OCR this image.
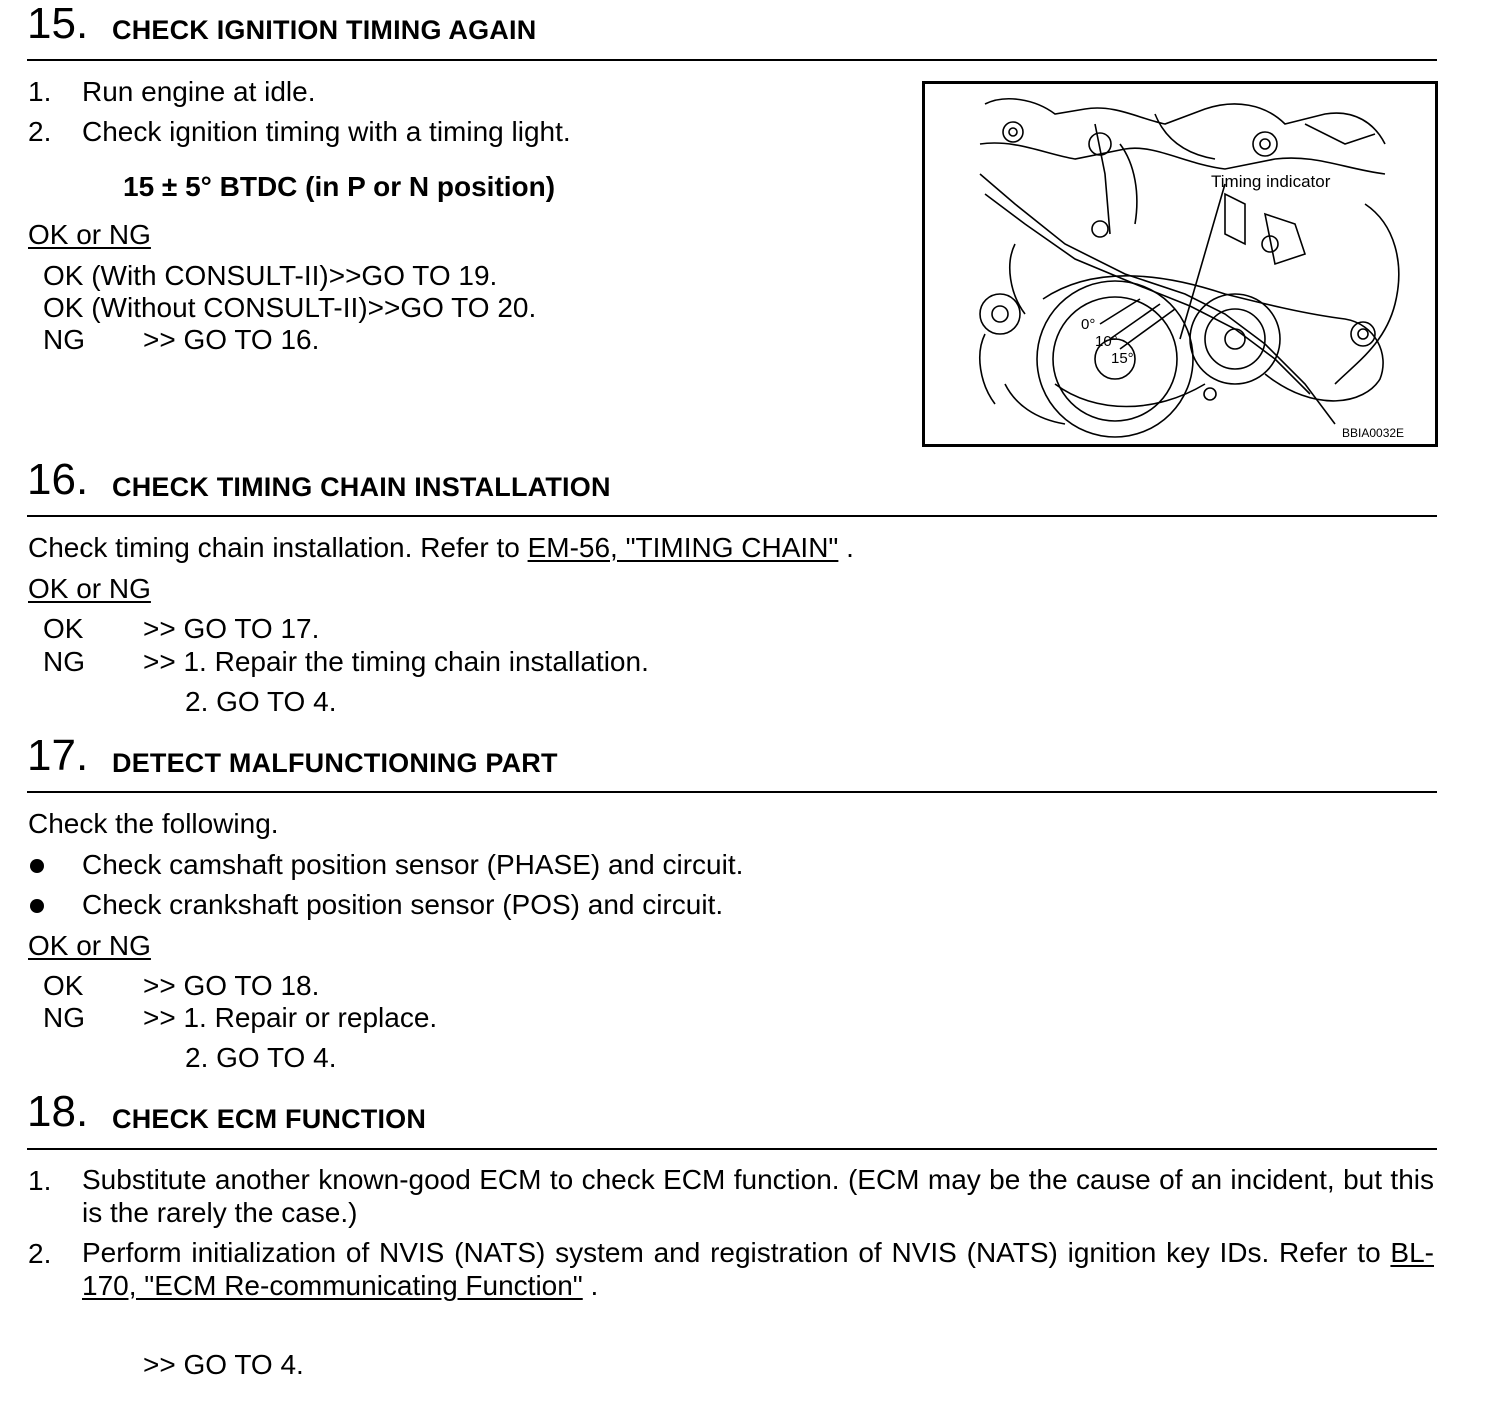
15. CHECK IGNITION TIMING AGAIN
1. Run engine at idle.
2. Check ignition timing with a timing light.
15 ± 5° BTDC (in P or N position)
OK or NG
OK (With CONSULT-II)>>GO TO 19.
OK (Without CONSULT-II)>>GO TO 20.
NG >> GO TO 16.
Timing indicator
0°
10°
15°
BBIA0032E
16. CHECK TIMING CHAIN INSTALLATION
Check timing chain installation. Refer to EM-56, "TIMING CHAIN" .
OK or NG
OK >> GO TO 17.
NG >> 1. Repair the timing chain installation.
2. GO TO 4.
17. DETECT MALFUNCTIONING PART
Check the following.
Check camshaft position sensor (PHASE) and circuit.
Check crankshaft position sensor (POS) and circuit.
OK or NG
OK >> GO TO 18.
NG >> 1. Repair or replace.
2. GO TO 4.
18. CHECK ECM FUNCTION
1. Substitute another known-good ECM to check ECM function. (ECM may be the cause of an incident, but this is the rarely the case.)
2. Perform initialization of NVIS (NATS) system and registration of NVIS (NATS) ignition key IDs. Refer to BL-170, "ECM Re-communicating Function" .
>> GO TO 4.
